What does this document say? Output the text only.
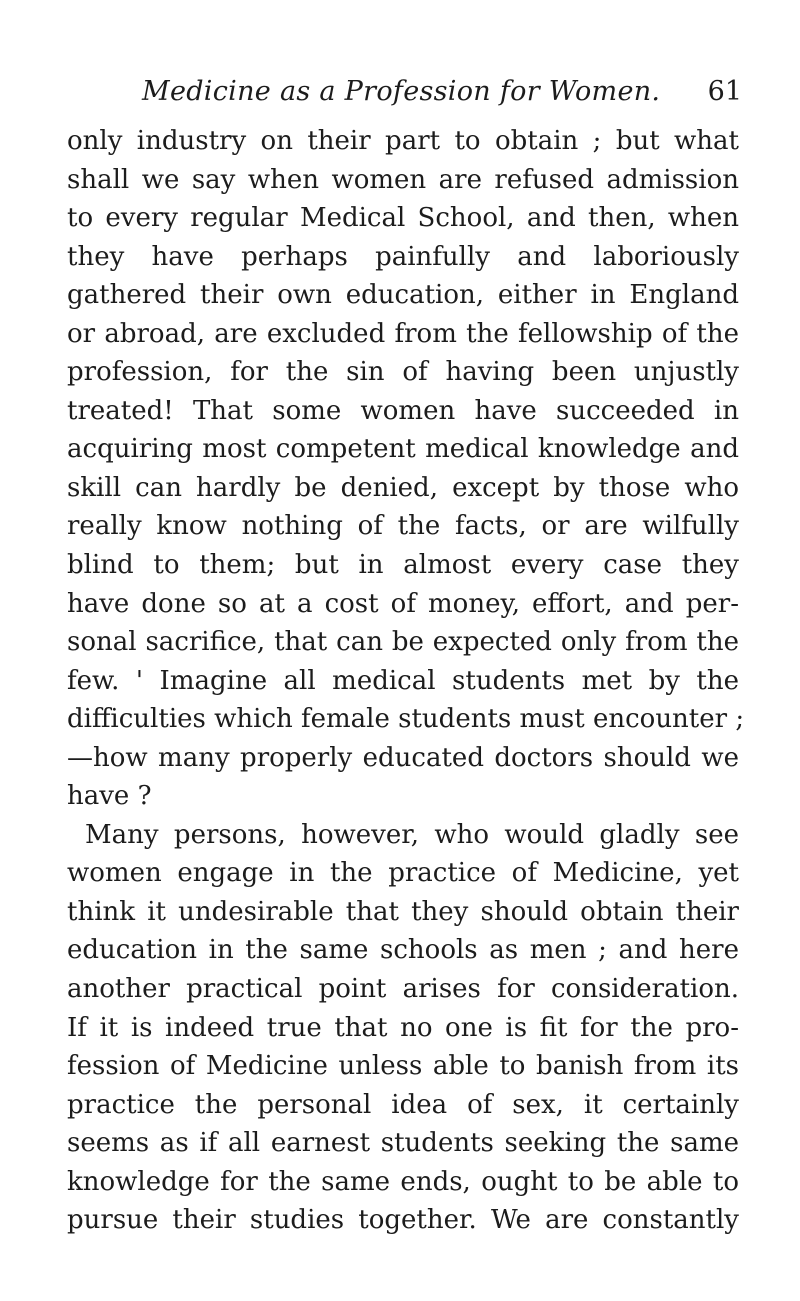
Medicine as a Profession for Women. 61
only industry on their part to obtain ; but what
shall we say when women are refused admission
to every regular Medical School, and then, when
they have perhaps painfully and laboriously
gathered their own education, either in England
or abroad, are excluded from the fellowship of the
profession, for the sin of having been unjustly
treated! That some women have succeeded in
acquiring most competent medical knowledge and
skill can hardly be denied, except by those who
really know nothing of the facts, or are wilfully
blind to them; but in almost every case they
have done so at a cost of money, effort, and per-
sonal sacrifice, that can be expected only from the
few. ' Imagine all medical students met by the
difficulties which female students must encounter ;
—how many properly educated doctors should we
have ?
Many persons, however, who would gladly see
women engage in the practice of Medicine, yet
think it undesirable that they should obtain their
education in the same schools as men ; and here
another practical point arises for consideration.
If it is indeed true that no one is fit for the pro-
fession of Medicine unless able to banish from its
practice the personal idea of sex, it certainly
seems as if all earnest students seeking the same
knowledge for the same ends, ought to be able to
pursue their studies together. We are constantly
